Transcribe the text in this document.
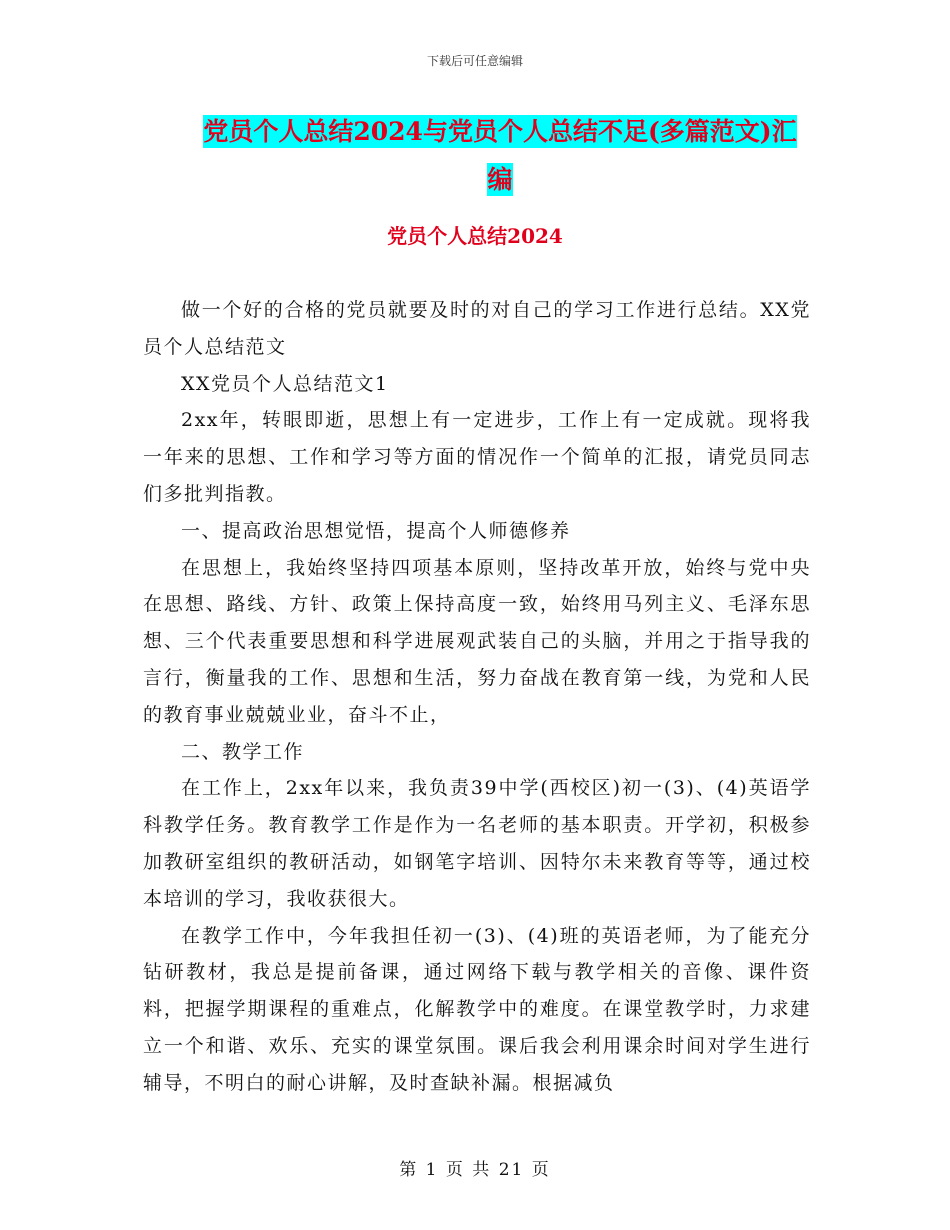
下载后可任意编辑
党员个人总结2024与党员个人总结不足(多篇范文)汇
编
党员个人总结2024

做一个好的合格的党员就要及时的对自己的学习工作进行总结。XX党员个人总结范文

XX党员个人总结范文1

2xx年，转眼即逝，思想上有一定进步，工作上有一定成就。现将我一年来的思想、工作和学习等方面的情况作一个简单的汇报，请党员同志们多批判指教。

一、提高政治思想觉悟，提高个人师德修养

在思想上，我始终坚持四项基本原则，坚持改革开放，始终与党中央在思想、路线、方针、政策上保持高度一致，始终用马列主义、毛泽东思想、三个代表重要思想和科学进展观武装自己的头脑，并用之于指导我的言行，衡量我的工作、思想和生活，努力奋战在教育第一线，为党和人民的教育事业兢兢业业，奋斗不止，

二、教学工作

在工作上，2xx年以来，我负责39中学(西校区)初一(3)、(4)英语学科教学任务。教育教学工作是作为一名老师的基本职责。开学初，积极参加教研室组织的教研活动，如钢笔字培训、因特尔未来教育等等，通过校本培训的学习，我收获很大。

在教学工作中，今年我担任初一(3)、(4)班的英语老师，为了能充分钻研教材，我总是提前备课，通过网络下载与教学相关的音像、课件资料，把握学期课程的重难点，化解教学中的难度。在课堂教学时，力求建立一个和谐、欢乐、充实的课堂氛围。课后我会利用课余时间对学生进行辅导，不明白的耐心讲解，及时查缺补漏。根据减负

第 1 页 共 21 页
